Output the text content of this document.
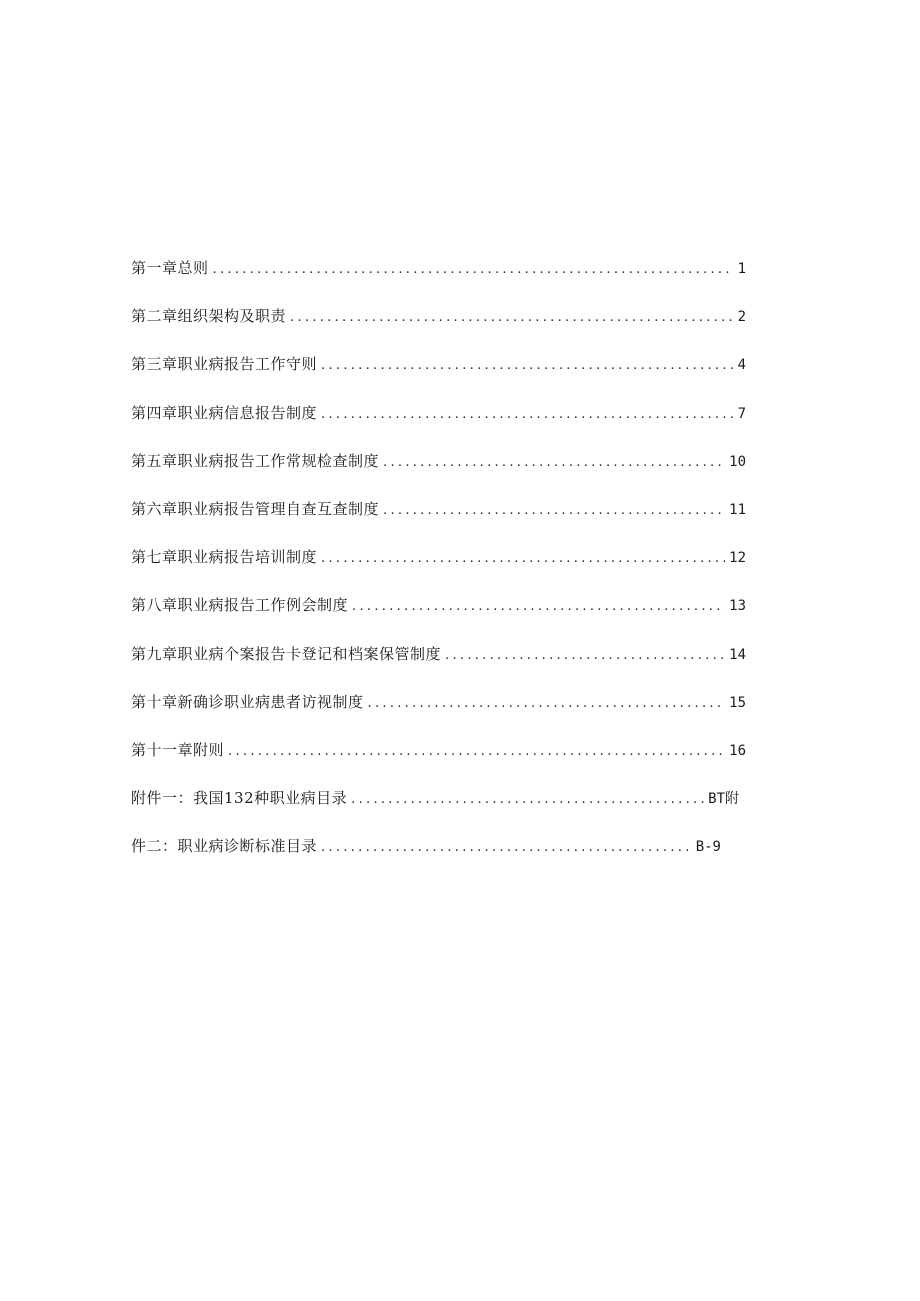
第一章总则 .....	1
第二章组织架构及职责 .....	2
第三章职业病报告工作守则 .....	4
第四章职业病信息报告制度 .....	7
第五章职业病报告工作常规检查制度 .....	10
第六章职业病报告管理自查互查制度 .....	11
第七章职业病报告培训制度 .....	12
第八章职业病报告工作例会制度 .....	13
第九章职业病个案报告卡登记和档案保管制度 .....	14
第十章新确诊职业病患者访视制度 .....	15
第十一章附则 .....	16
附件一：我国132种职业病目录 .....	BT附
件二：职业病诊断标准目录 .....	B-9
